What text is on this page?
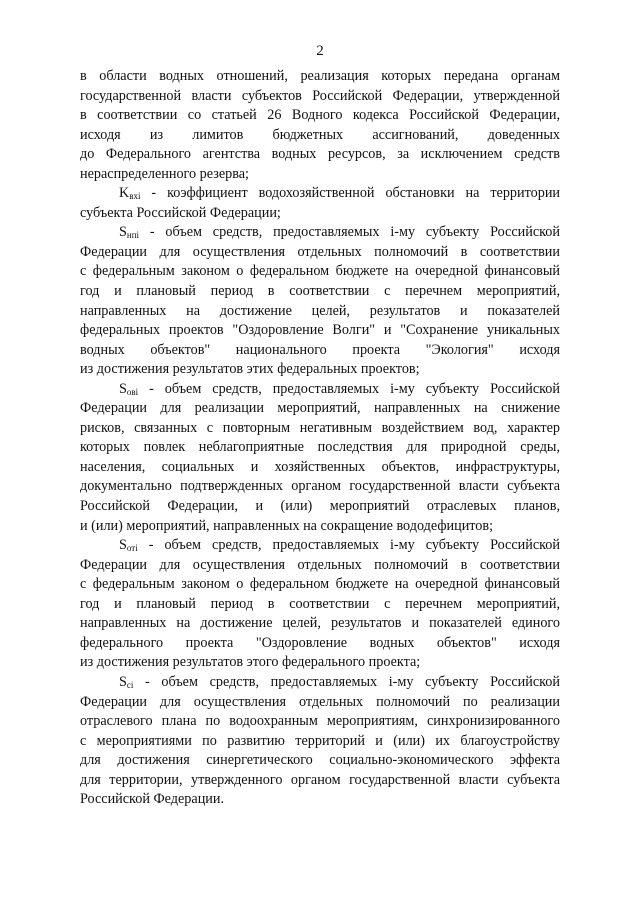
2
в области водных отношений, реализация которых передана органам
государственной власти субъектов Российской Федерации, утвержденной
в соответствии со статьей 26 Водного кодекса Российской Федерации,
исходя из лимитов бюджетных ассигнований, доведенных
до Федерального агентства водных ресурсов, за исключением средств
нераспределенного резерва;
$K_{вхi}$ - коэффициент водохозяйственной обстановки на территории
субъекта Российской Федерации;
$S_{нпi}$ - объем средств, предоставляемых i-му субъекту Российской
Федерации для осуществления отдельных полномочий в соответствии
с федеральным законом о федеральном бюджете на очередной финансовый
год и плановый период в соответствии с перечнем мероприятий,
направленных на достижение целей, результатов и показателей
федеральных проектов "Оздоровление Волги" и "Сохранение уникальных
водных объектов" национального проекта "Экология" исходя
из достижения результатов этих федеральных проектов;
$S_{овi}$ - объем средств, предоставляемых i-му субъекту Российской
Федерации для реализации мероприятий, направленных на снижение
рисков, связанных с повторным негативным воздействием вод, характер
которых повлек неблагоприятные последствия для природной среды,
населения, социальных и хозяйственных объектов, инфраструктуры,
документально подтвержденных органом государственной власти субъекта
Российской Федерации, и (или) мероприятий отраслевых планов,
и (или) мероприятий, направленных на сокращение вододефицитов;
$S_{отi}$ - объем средств, предоставляемых i-му субъекту Российской
Федерации для осуществления отдельных полномочий в соответствии
с федеральным законом о федеральном бюджете на очередной финансовый
год и плановый период в соответствии с перечнем мероприятий,
направленных на достижение целей, результатов и показателей единого
федерального проекта "Оздоровление водных объектов" исходя
из достижения результатов этого федерального проекта;
$S_{сi}$ - объем средств, предоставляемых i-му субъекту Российской
Федерации для осуществления отдельных полномочий по реализации
отраслевого плана по водоохранным мероприятиям, синхронизированного
с мероприятиями по развитию территорий и (или) их благоустройству
для достижения синергетического социально-экономического эффекта
для территории, утвержденного органом государственной власти субъекта
Российской Федерации.
